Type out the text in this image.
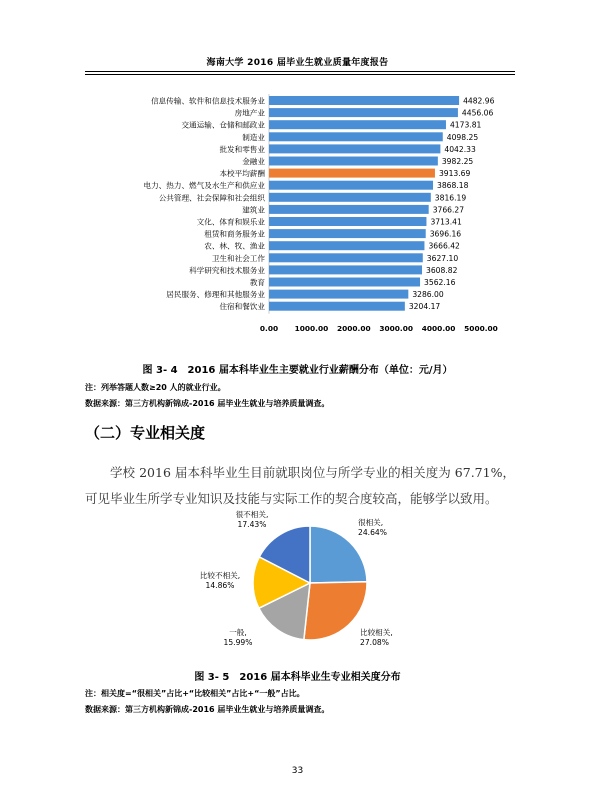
海南大学 2016 届毕业生就业质量年度报告
信息传输、软件和信息技术服务业	4482.96
房地产业	4456.06
交通运输、仓储和邮政业	4173.81
制造业	4098.25
批发和零售业	4042.33
金融业	3982.25
本校平均薪酬	3913.69
电力、热力、燃气及水生产和供应业	3868.18
公共管理、社会保障和社会组织	3816.19
建筑业	3766.27
文化、体育和娱乐业	3713.41
租赁和商务服务业	3696.16
农、林、牧、渔业	3666.42
卫生和社会工作	3627.10
科学研究和技术服务业	3608.82
教育	3562.16
居民服务、修理和其他服务业	3286.00
住宿和餐饮业	3204.17
0.00 1000.00 2000.00 3000.00 4000.00 5000.00
图 3- 4　2016 届本科毕业生主要就业行业薪酬分布（单位：元/月）
注：列举答题人数≥20 人的就业行业。
数据来源：第三方机构新锦成-2016 届毕业生就业与培养质量调查。
（二）专业相关度
学校 2016 届本科毕业生目前就职岗位与所学专业的相关度为 67.71%，可见毕业生所学专业知识及技能与实际工作的契合度较高，能够学以致用。
很相关,
24.64%
比较相关,
27.08%
一般,
15.99%
比较不相关,
14.86%
很不相关,
17.43%
图 3- 5　2016 届本科毕业生专业相关度分布
注：相关度=“很相关”占比+“比较相关”占比+“一般”占比。
数据来源：第三方机构新锦成-2016 届毕业生就业与培养质量调查。
33
